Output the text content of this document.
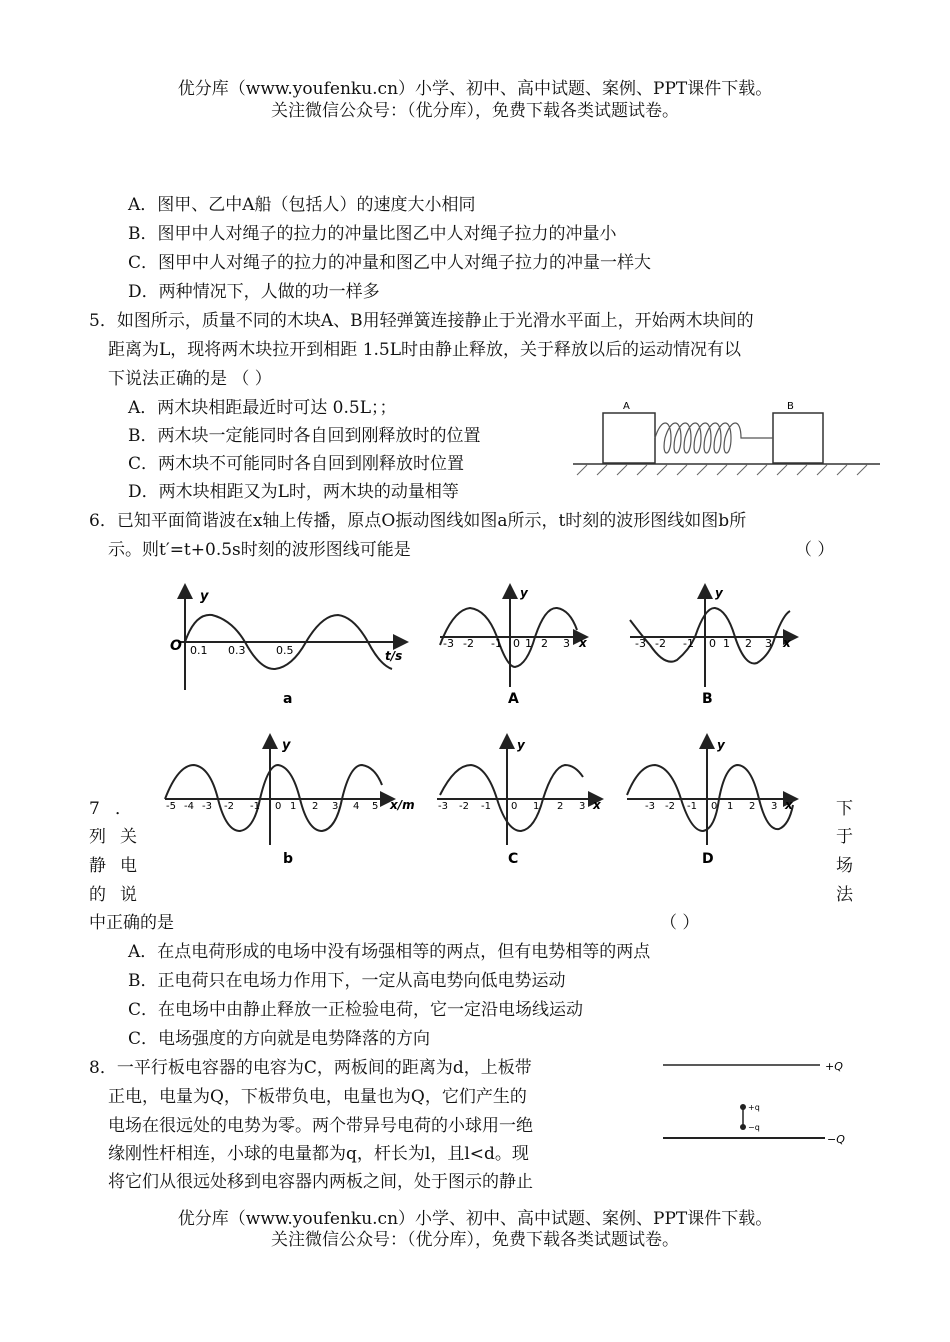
优分库（www.youfenku.cn）小学、初中、高中试题、案例、PPT课件下载。
关注微信公众号：（优分库），免费下载各类试题试卷。
A．图甲、乙中A船（包括人）的速度大小相同
B．图甲中人对绳子的拉力的冲量比图乙中人对绳子拉力的冲量小
C．图甲中人对绳子的拉力的冲量和图乙中人对绳子拉力的冲量一样大
D．两种情况下，人做的功一样多
5．如图所示，质量不同的木块A、B用轻弹簧连接静止于光滑水平面上，开始两木块间的
距离为L，现将两木块拉开到相距 1.5L时由静止释放，关于释放以后的运动情况有以
下说法正确的是 （ ）
A．两木块相距最近时可达 0.5L；；
B．两木块一定能同时各自回到刚释放时的位置
C．两木块不可能同时各自回到刚释放时位置
D．两木块相距又为L时，两木块的动量相等
A	B
6．已知平面简谐波在x轴上传播，原点O振动图线如图a所示，t时刻的波形图线如图b所
示。则t′=t+0.5s时刻的波形图线可能是	（ ）
y
O 0.1 0.3	0.5	t/s
a
y
-3 -2 -1 0 1 2 3 x
A
y
-3 -2 -1 0 1 2 3 x
B
y
-5 -4 -3 -2 -1 0 1 2 3 4 5 x/m
b
y
-3 -2 -1 0 1 2 3 x
C
y
-3 -2 -1 0 1 2 3 x
D
7 ．	下
列 关	于
静 电	场
的 说	法
中正确的是	（ ）
A．在点电荷形成的电场中没有场强相等的两点，但有电势相等的两点
B．正电荷只在电场力作用下，一定从高电势向低电势运动
C．在电场中由静止释放一正检验电荷，它一定沿电场线运动
C．电场强度的方向就是电势降落的方向
8．一平行板电容器的电容为C，两板间的距离为d，上板带
正电，电量为Q，下板带负电，电量也为Q，它们产生的
电场在很远处的电势为零。两个带异号电荷的小球用一绝
缘刚性杆相连，小球的电量都为q，杆长为l，且l<d。现
将它们从很远处移到电容器内两板之间，处于图示的静止
+Q
−Q
+q
−q
优分库（www.youfenku.cn）小学、初中、高中试题、案例、PPT课件下载。
关注微信公众号：（优分库），免费下载各类试题试卷。
